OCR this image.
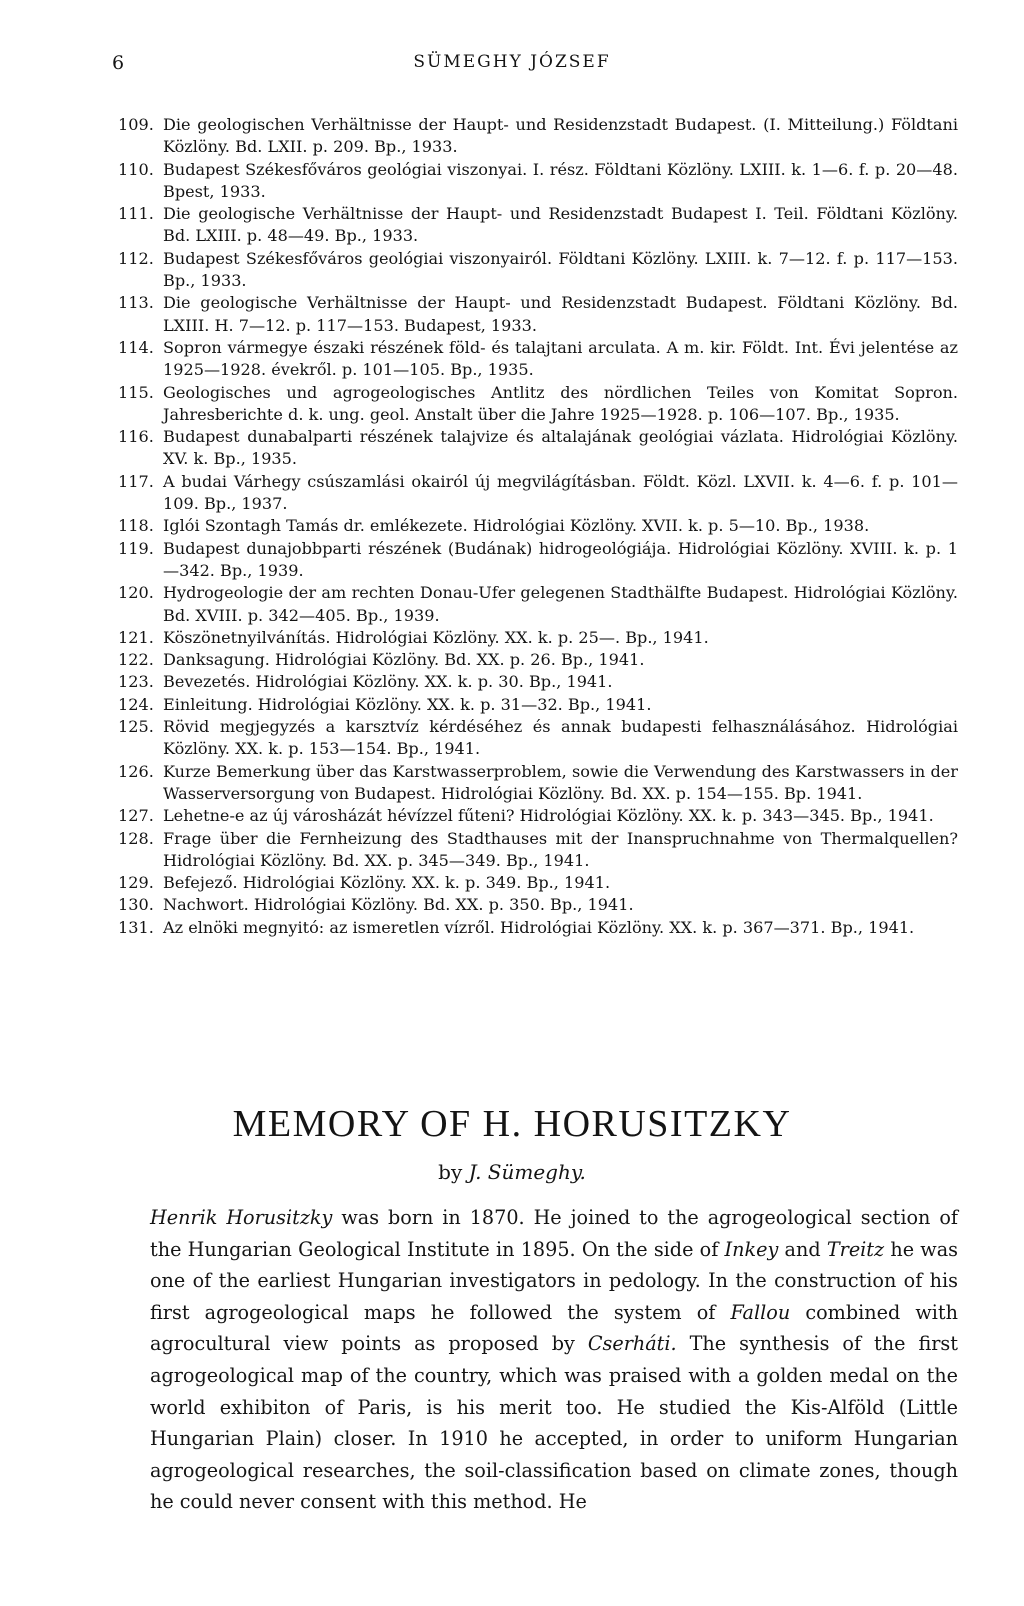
6	SÜMEGHY JÓZSEF
109. Die geologischen Verhältnisse der Haupt- und Residenzstadt Budapest. (I. Mitteilung.) Földtani Közlöny. Bd. LXII. p. 209. Bp., 1933.
110. Budapest Székesfőváros geológiai viszonyai. I. rész. Földtani Közlöny. LXIII. k. 1—6. f. p. 20—48. Bpest, 1933.
111. Die geologische Verhältnisse der Haupt- und Residenzstadt Budapest I. Teil. Földtani Közlöny. Bd. LXIII. p. 48—49. Bp., 1933.
112. Budapest Székesfőváros geológiai viszonyairól. Földtani Közlöny. LXIII. k. 7—12. f. p. 117—153. Bp., 1933.
113. Die geologische Verhältnisse der Haupt- und Residenzstadt Budapest. Földtani Közlöny. Bd. LXIII. H. 7—12. p. 117—153. Budapest, 1933.
114. Sopron vármegye északi részének föld- és talajtani arculata. A m. kir. Földt. Int. Évi jelentése az 1925—1928. évekről. p. 101—105. Bp., 1935.
115. Geologisches und agrogeologisches Antlitz des nördlichen Teiles von Komitat Sopron. Jahresberichte d. k. ung. geol. Anstalt über die Jahre 1925—1928. p. 106—107. Bp., 1935.
116. Budapest dunabalparti részének talajvize és altalajának geológiai vázlata. Hidrológiai Közlöny. XV. k. Bp., 1935.
117. A budai Várhegy csúszamlási okairól új megvilágításban. Földt. Közl. LXVII. k. 4—6. f. p. 101—109. Bp., 1937.
118. Iglói Szontagh Tamás dr. emlékezete. Hidrológiai Közlöny. XVII. k. p. 5—10. Bp., 1938.
119. Budapest dunajobbparti részének (Budának) hidrogeológiája. Hidrológiai Közlöny. XVIII. k. p. 1—342. Bp., 1939.
120. Hydrogeologie der am rechten Donau-Ufer gelegenen Stadthälfte Budapest. Hidrológiai Közlöny. Bd. XVIII. p. 342—405. Bp., 1939.
121. Köszönetnyilvánítás. Hidrológiai Közlöny. XX. k. p. 25—. Bp., 1941.
122. Danksagung. Hidrológiai Közlöny. Bd. XX. p. 26. Bp., 1941.
123. Bevezetés. Hidrológiai Közlöny. XX. k. p. 30. Bp., 1941.
124. Einleitung. Hidrológiai Közlöny. XX. k. p. 31—32. Bp., 1941.
125. Rövid megjegyzés a karsztvíz kérdéséhez és annak budapesti felhasználásához. Hidrológiai Közlöny. XX. k. p. 153—154. Bp., 1941.
126. Kurze Bemerkung über das Karstwasserproblem, sowie die Verwendung des Karstwassers in der Wasserversorgung von Budapest. Hidrológiai Közlöny. Bd. XX. p. 154—155. Bp. 1941.
127. Lehetne-e az új városházát hévízzel fűteni? Hidrológiai Közlöny. XX. k. p. 343—345. Bp., 1941.
128. Frage über die Fernheizung des Stadthauses mit der Inanspruchnahme von Thermalquellen? Hidrológiai Közlöny. Bd. XX. p. 345—349. Bp., 1941.
129. Befejező. Hidrológiai Közlöny. XX. k. p. 349. Bp., 1941.
130. Nachwort. Hidrológiai Közlöny. Bd. XX. p. 350. Bp., 1941.
131. Az elnöki megnyitó: az ismeretlen vízről. Hidrológiai Közlöny. XX. k. p. 367—371. Bp., 1941.
MEMORY OF H. HORUSITZKY

by J. Sümeghy.

Henrik Horusitzky was born in 1870. He joined to the agrogeological section of the Hungarian Geological Institute in 1895. On the side of Inkey and Treitz he was one of the earliest Hungarian investigators in pedology. In the construction of his first agrogeological maps he followed the system of Fallou combined with agrocultural view points as proposed by Cserháti. The synthesis of the first agrogeological map of the country, which was praised with a golden medal on the world exhibiton of Paris, is his merit too. He studied the Kis-Alföld (Little Hungarian Plain) closer. In 1910 he accepted, in order to uniform Hungarian agrogeological researches, the soil-classification based on climate zones, though he could never consent with this method. He
